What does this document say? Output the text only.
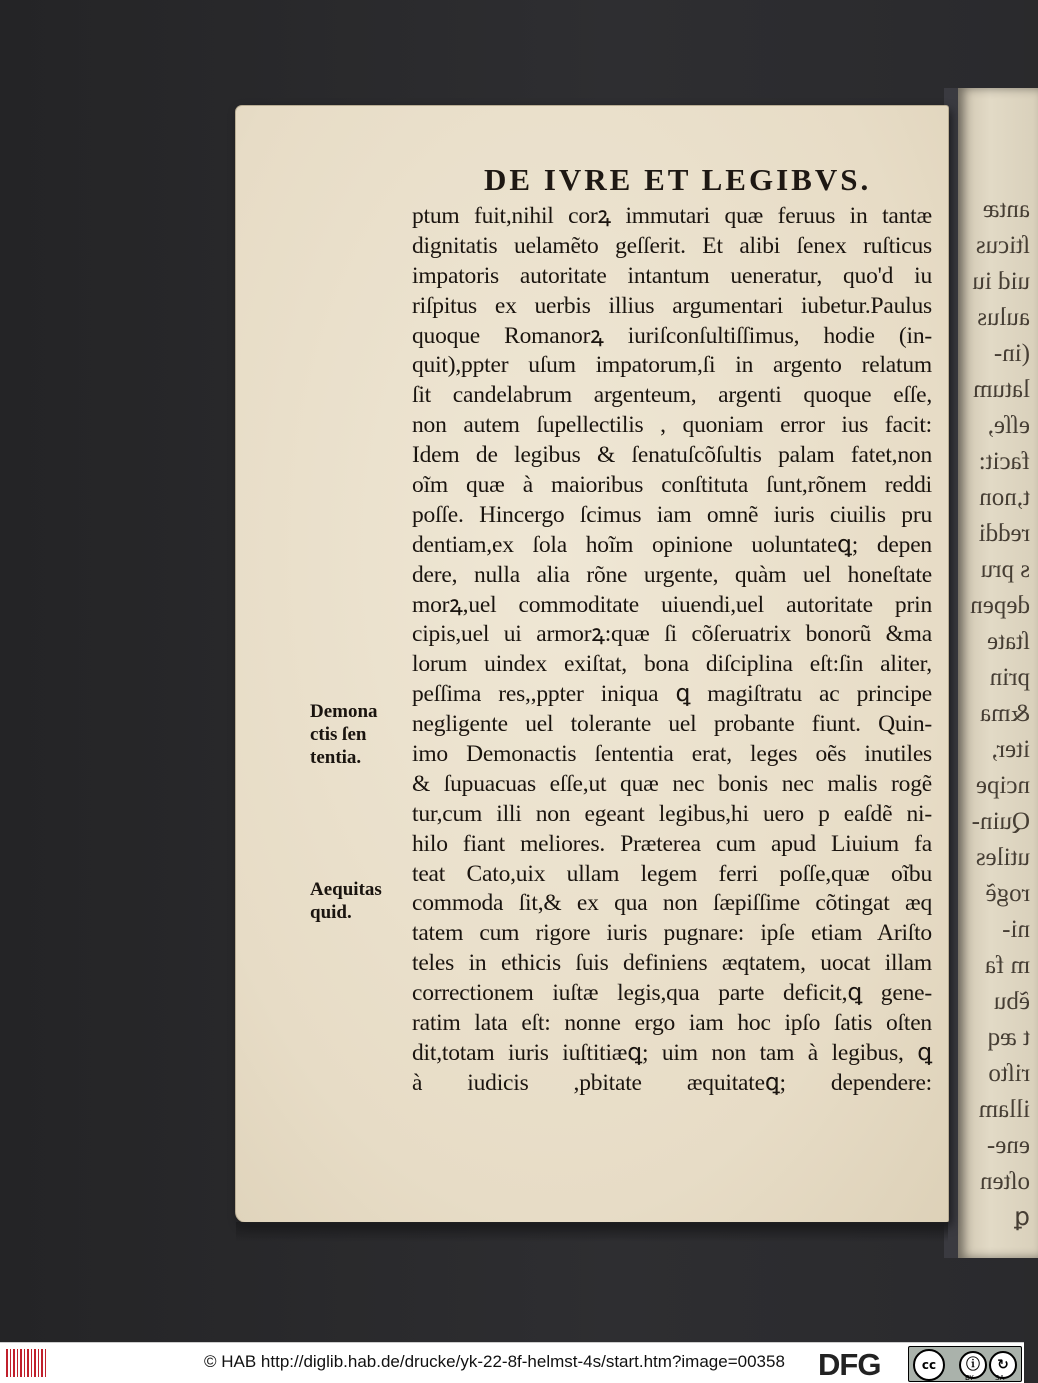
antæ
ſticus
uid iu
aulus
(in-
latum
eſſe,
facit:
t,non
reddi
s pru
depen
ſtate
prin
&ma
iter,
ncipe
Quin-
utiles
rogẽ
ni-
m fa
ẽbu
t æq
riſto
illam
ene-
oſten
ꝗ
DE IVRE ET LEGIBVS.
ptum fuit,nihil corꝝ immutari quæ feruus in tantæ
dignitatis uelamẽto geſſerit. Et alibi ſenex ruſticus
impatoris autoritate intantum ueneratur, quo'd iu
riſpitus ex uerbis illius argumentari iubetur.Paulus
quoque Romanorꝝ iuriſconſultiſſimus, hodie (in-
quit),ppter uſum impatorum,ſi in argento relatum
ſit candelabrum argenteum, argenti quoque eſſe,
non autem ſupellectilis , quoniam error ius facit:
Idem de legibus & ſenatuſcõſultis palam fatet,non
oĩm quæ à maioribus conſtituta ſunt,rõnem reddi
poſſe. Hincergo ſcimus iam omnẽ iuris ciuilis pru
dentiam,ex ſola hoĩm opinione uoluntateꝗ; depen
dere, nulla alia rõne urgente, quàm uel honeſtate
morꝝ,uel commoditate uiuendi,uel autoritate prin
cipis,uel ui armorꝝ:quæ ſi cõſeruatrix bonorũ &ma
lorum uindex exiſtat, bona diſciplina eſt:ſin aliter,
peſſima res,,ppter iniqua ꝗ magiſtratu ac principe
negligente uel tolerante uel probante fiunt. Quin-
imo Demonactis ſententia erat, leges oẽs inutiles
& ſupuacuas eſſe,ut quæ nec bonis nec malis rogẽ
tur,cum illi non egeant legibus,hi uero p eaſdẽ ni-
hilo fiant meliores. Præterea cum apud Liuium fa
teat Cato,uix ullam legem ferri poſſe,quæ oĩbu
commoda ſit,& ex qua non ſæpiſſime cõtingat æq
tatem cum rigore iuris pugnare: ipſe etiam Ariſto
teles in ethicis ſuis definiens æqtatem, uocat illam
correctionem iuſtæ legis,qua parte deficit,ꝗ gene-
ratim lata eſt: nonne ergo iam hoc ipſo ſatis oſten
dit,totam iuris iuſtitiæꝗ; uim non tam à legibus, ꝗ
à iudicis ,pbitate æquitateꝗ; dependere:
Demona
ctis ſen
tentia.
Aequitas
quid.
© HAB http://diglib.hab.de/drucke/yk-22-8f-helmst-4s/start.htm?image=00358 DFG	cc	ⓘ	↻
BY	SA
